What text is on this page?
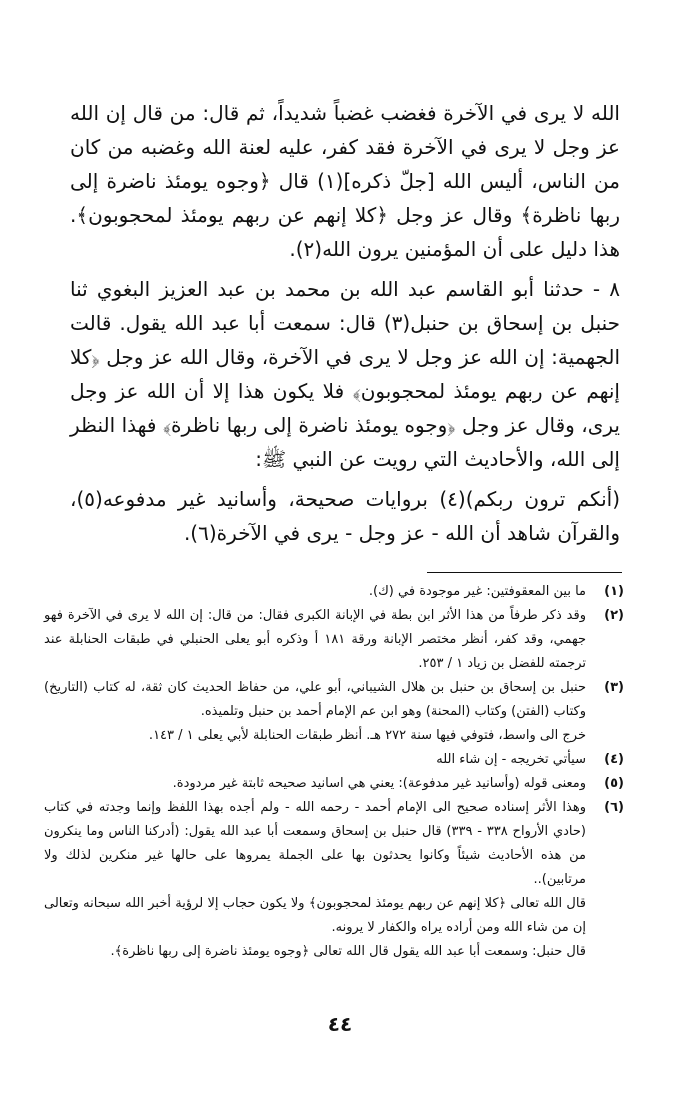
الله لا يرى في الآخرة فغضب غضباً شديداً، ثم قال: من قال إن الله عز وجل لا يرى في الآخرة فقد كفر، عليه لعنة الله وغضبه من كان من الناس، أليس الله [جلّ ذكره](١) قال ﴿وجوه يومئذ ناضرة إلى ربها ناظرة﴾ وقال عز وجل ﴿كلا إنهم عن ربهم يومئذ لمحجوبون﴾. هذا دليل على أن المؤمنين يرون الله(٢).

٨ - حدثنا أبو القاسم عبد الله بن محمد بن عبد العزيز البغوي ثنا حنبل بن إسحاق بن حنبل(٣) قال: سمعت أبا عبد الله يقول. قالت الجهمية: إن الله عز وجل لا يرى في الآخرة، وقال الله عز وجل ﴿كلا إنهم عن ربهم يومئذ لمحجوبون﴾ فلا يكون هذا إلا أن الله عز وجل يرى، وقال عز وجل ﴿وجوه يومئذ ناضرة إلى ربها ناظرة﴾ فهذا النظر إلى الله، والأحاديث التي رويت عن النبي ﷺ:

(أنكم ترون ربكم)(٤) بروايات صحيحة، وأسانيد غير مدفوعه(٥)، والقرآن شاهد أن الله - عز وجل - يرى في الآخرة(٦).

(١)
ما بين المعقوفتين: غير موجودة في (ك).
(٢)
وقد ذكر طرفاً من هذا الأثر ابن بطة في الإبانة الكبرى فقال: من قال: إن الله لا يرى في الآخرة فهو جهمي، وقد كفر، أنظر مختصر الإبانة ورقة ١٨١ أ وذكره أبو يعلى الحنبلي في طبقات الحنابلة عند ترجمته للفضل بن زياد ١ / ٢٥٣.
(٣)
حنبل بن إسحاق بن حنبل بن هلال الشيباني، أبو علي، من حفاظ الحديث كان ثقة، له كتاب (التاريخ) وكتاب (الفتن) وكتاب (المحنة) وهو ابن عم الإمام أحمد بن حنبل وتلميذه.
خرج الى واسط، فتوفي فيها سنة ٢٧٢ هـ. أنظر طبقات الحنابلة لأبي يعلى ١ / ١٤٣.
(٤)
سيأتي تخريجه - إن شاء الله
(٥)
ومعنى قوله (وأسانيد غير مدفوعة): يعني هي اسانيد صحيحه ثابتة غير مردودة.
(٦)
وهذا الأثر إسناده صحيح الى الإمام أحمد - رحمه الله - ولم أجده بهذا اللفظ وإنما وجدته في كتاب (حادي الأرواح ٣٣٨ - ٣٣٩) قال حنبل بن إسحاق وسمعت أبا عبد الله يقول: (أدركنا الناس وما ينكرون من هذه الأحاديث شيئاً وكانوا يحدثون بها على الجملة يمروها على حالها غير منكرين لذلك ولا مرتابين)..
قال الله تعالى ﴿كلا إنهم عن ربهم يومئذ لمحجوبون﴾ ولا يكون حجاب إلا لرؤية أخبر الله سبحانه وتعالى إن من شاء الله ومن أراده يراه والكفار لا يرونه.
قال حنبل: وسمعت أبا عبد الله يقول قال الله تعالى ﴿وجوه يومئذ ناضرة إلى ربها ناظرة﴾.
٤٤
